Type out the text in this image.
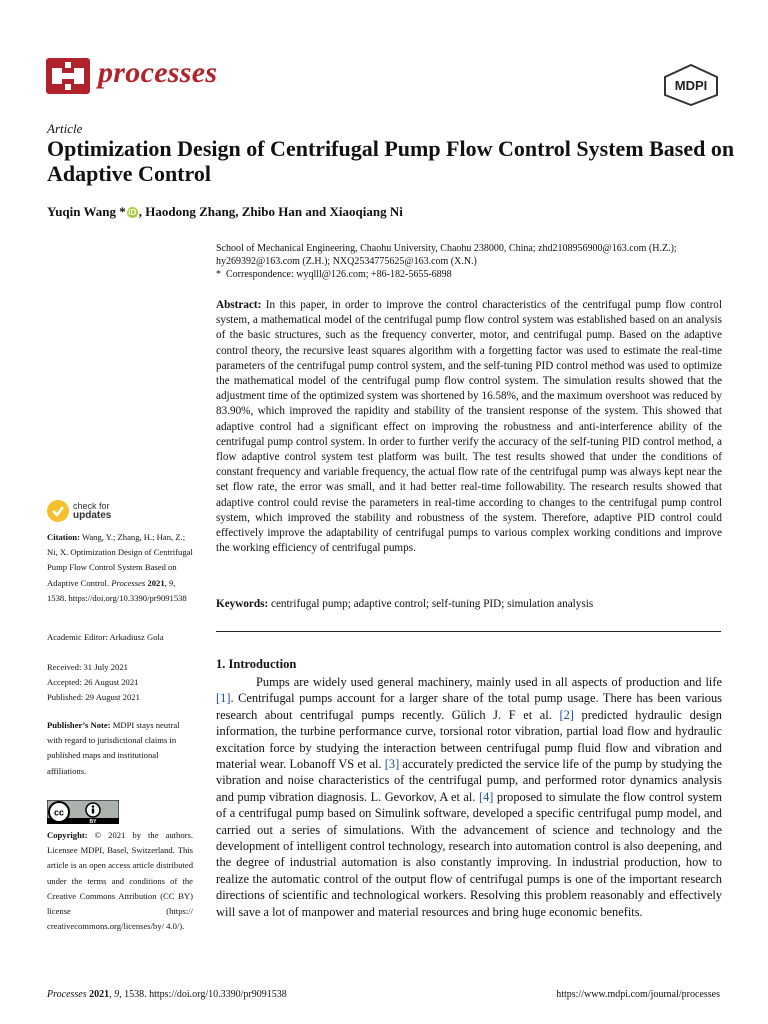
processes	MDPI
Article
Optimization Design of Centrifugal Pump Flow Control System Based on Adaptive Control
Yuqin Wang * iD , Haodong Zhang, Zhibo Han and Xiaoqiang Ni
School of Mechanical Engineering, Chaohu University, Chaohu 238000, China; zhd2108956900@163.com (H.Z.); hy269392@163.com (Z.H.); NXQ2534775625@163.com (X.N.)
*  Correspondence: wyqlll@126.com; +86-182-5655-6898

Abstract: In this paper, in order to improve the control characteristics of the centrifugal pump flow control system, a mathematical model of the centrifugal pump flow control system was established based on an analysis of the basic structures, such as the frequency converter, motor, and centrifugal pump. Based on the adaptive control theory, the recursive least squares algorithm with a forgetting factor was used to estimate the real-time parameters of the centrifugal pump control system, and the self-tuning PID control method was used to optimize the mathematical model of the centrifugal pump flow control system. The simulation results showed that the adjustment time of the optimized system was shortened by 16.58%, and the maximum overshoot was reduced by 83.90%, which improved the rapidity and stability of the transient response of the system. This showed that adaptive control had a significant effect on improving the robustness and anti-interference ability of the centrifugal pump control system. In order to further verify the accuracy of the self-tuning PID control method, a flow adaptive control system test platform was built. The test results showed that under the conditions of constant frequency and variable frequency, the actual flow rate of the centrifugal pump was always kept near the set flow rate, the error was small, and it had better real-time followability. The research results showed that adaptive control could revise the parameters in real-time according to changes to the centrifugal pump control system, which improved the stability and robustness of the system. Therefore, adaptive PID control could effectively improve the adaptability of centrifugal pumps to various complex working conditions and improve the working efficiency of centrifugal pumps.

Keywords: centrifugal pump; adaptive control; self-tuning PID; simulation analysis

check for
updates
Citation: Wang, Y.; Zhang, H.; Han, Z.; Ni, X. Optimization Design of Centrifugal Pump Flow Control System Based on Adaptive Control. Processes 2021, 9, 1538. https://doi.org/10.3390/pr9091538
Academic Editor: Arkadiusz Gola
Received: 31 July 2021
Accepted: 26 August 2021
Published: 29 August 2021
Publisher’s Note: MDPI stays neutral with regard to jurisdictional claims in published maps and institutional affiliations.
cc
BY
Copyright: © 2021 by the authors. Licensee MDPI, Basel, Switzerland. This article is an open access article distributed under the terms and conditions of the Creative Commons Attribution (CC BY) license (https:// creativecommons.org/licenses/by/ 4.0/).
1. Introduction

Pumps are widely used general machinery, mainly used in all aspects of production and life [1]. Centrifugal pumps account for a larger share of the total pump usage. There has been various research about centrifugal pumps recently. Gülich J. F et al. [2] predicted hydraulic design information, the turbine performance curve, torsional rotor vibration, partial load flow and hydraulic excitation force by studying the interaction between centrifugal pump fluid flow and vibration and material wear. Lobanoff VS et al. [3] accurately predicted the service life of the pump by studying the vibration and noise characteristics of the centrifugal pump, and performed rotor dynamics analysis and pump vibration diagnosis. L. Gevorkov, A et al. [4] proposed to simulate the flow control system of a centrifugal pump based on Simulink software, developed a specific centrifugal pump model, and carried out a series of simulations. With the advancement of science and technology and the development of intelligent control technology, research into automation control is also deepening, and the degree of industrial automation is also constantly improving. In industrial production, how to realize the automatic control of the output flow of centrifugal pumps is one of the important research directions of scientific and technological workers. Resolving this problem reasonably and effectively will save a lot of manpower and material resources and bring huge economic benefits.

Processes 2021, 9, 1538. https://doi.org/10.3390/pr9091538	https://www.mdpi.com/journal/processes
